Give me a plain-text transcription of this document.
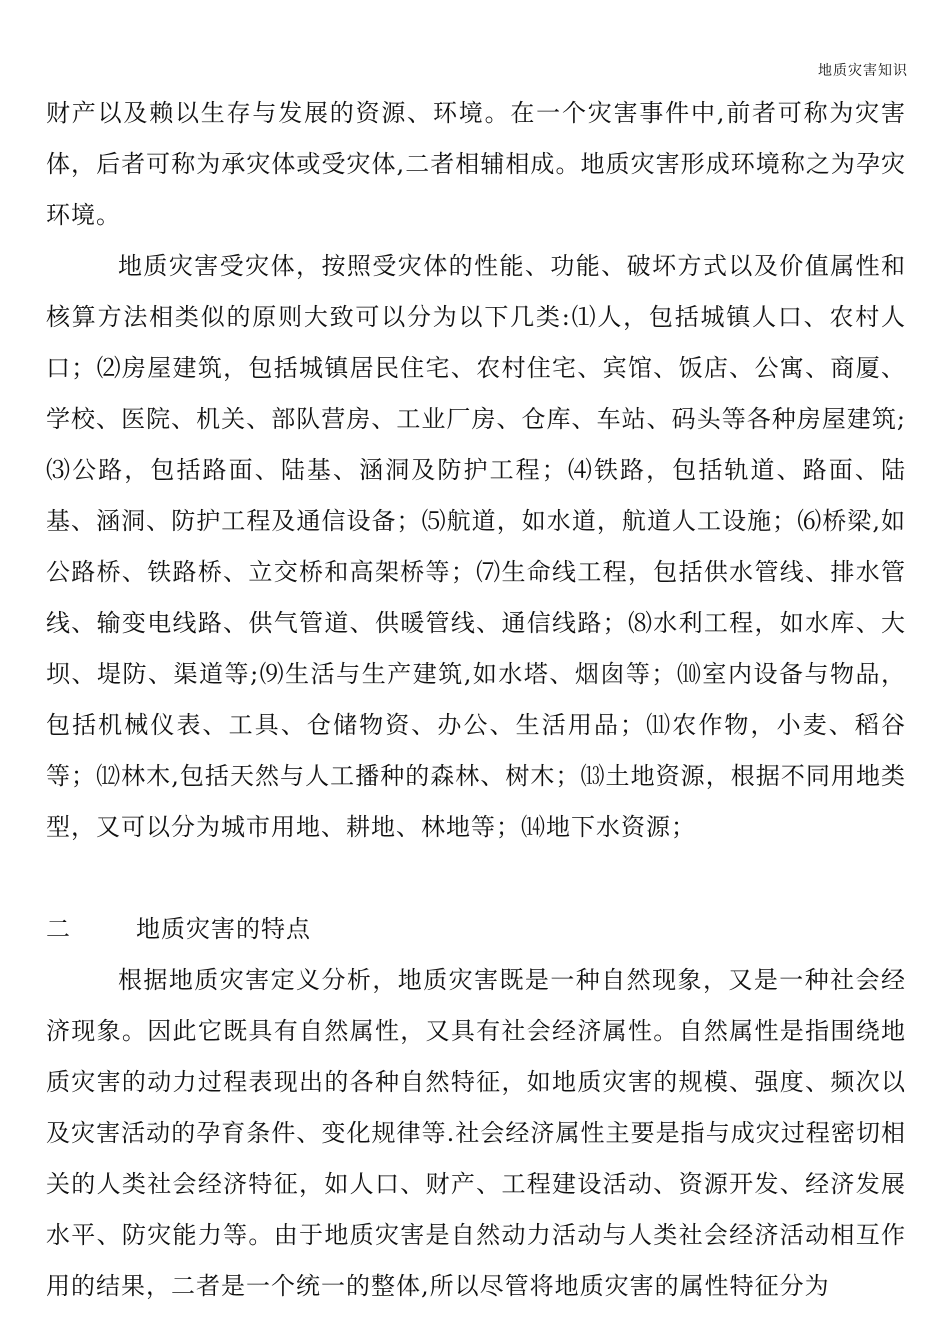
地质灾害知识

财产以及赖以生存与发展的资源、环境。在一个灾害事件中,前者可称为灾害体，后者可称为承灾体或受灾体,二者相辅相成。地质灾害形成环境称之为孕灾环境。

地质灾害受灾体，按照受灾体的性能、功能、破坏方式以及价值属性和核算方法相类似的原则大致可以分为以下几类:⑴人，包括城镇人口、农村人口；⑵房屋建筑，包括城镇居民住宅、农村住宅、宾馆、饭店、公寓、商厦、学校、医院、机关、部队营房、工业厂房、仓库、车站、码头等各种房屋建筑;⑶公路，包括路面、陆基、涵洞及防护工程；⑷铁路，包括轨道、路面、陆基、涵洞、防护工程及通信设备；⑸航道，如水道，航道人工设施；⑹桥梁,如公路桥、铁路桥、立交桥和高架桥等；⑺生命线工程，包括供水管线、排水管线、输变电线路、供气管道、供暖管线、通信线路；⑻水利工程，如水库、大坝、堤防、渠道等;⑼生活与生产建筑,如水塔、烟囱等；⑽室内设备与物品，包括机械仪表、工具、仓储物资、办公、生活用品；⑾农作物，小麦、稻谷等；⑿林木,包括天然与人工播种的森林、树木；⒀土地资源，根据不同用地类型，又可以分为城市用地、耕地、林地等；⒁地下水资源；

二	地质灾害的特点

根据地质灾害定义分析，地质灾害既是一种自然现象，又是一种社会经济现象。因此它既具有自然属性，又具有社会经济属性。自然属性是指围绕地质灾害的动力过程表现出的各种自然特征，如地质灾害的规模、强度、频次以及灾害活动的孕育条件、变化规律等.社会经济属性主要是指与成灾过程密切相关的人类社会经济特征，如人口、财产、工程建设活动、资源开发、经济发展水平、防灾能力等。由于地质灾害是自然动力活动与人类社会经济活动相互作用的结果，二者是一个统一的整体,所以尽管将地质灾害的属性特征分为
